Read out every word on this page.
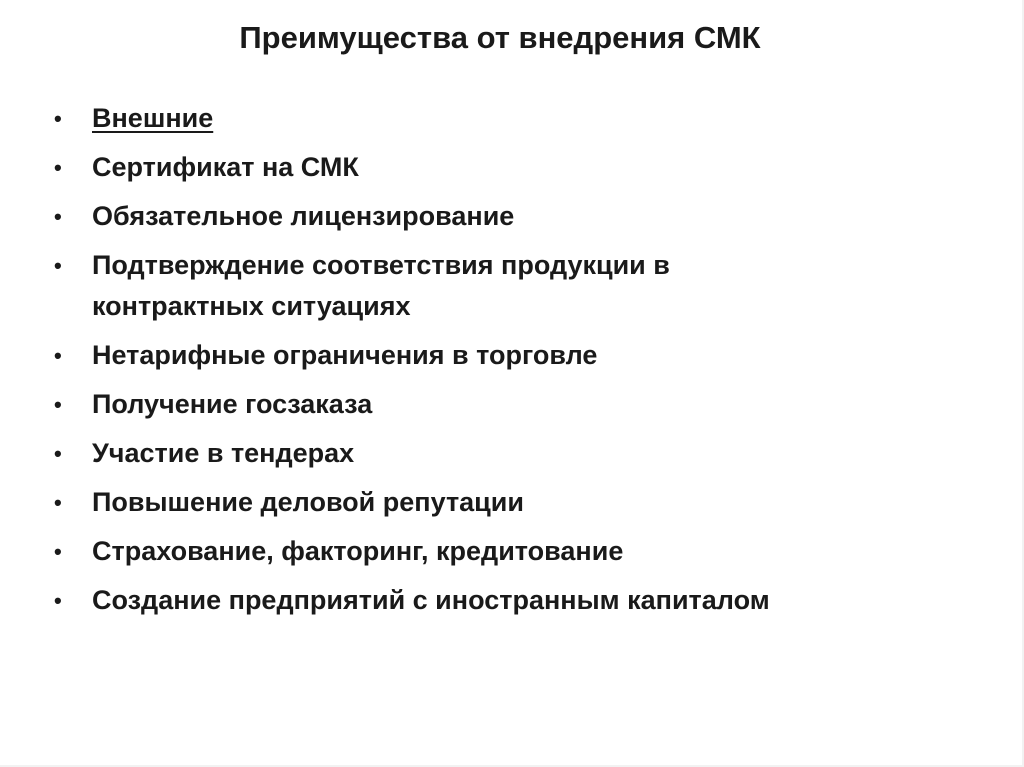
Преимущества от внедрения СМК
• Внешние
• Сертификат на СМК
• Обязательное лицензирование
• Подтверждение соответствия продукции в
контрактных ситуациях
• Нетарифные ограничения в торговле
• Получение госзаказа
• Участие в тендерах
• Повышение деловой репутации
• Страхование, факторинг, кредитование
• Создание предприятий с иностранным капиталом
